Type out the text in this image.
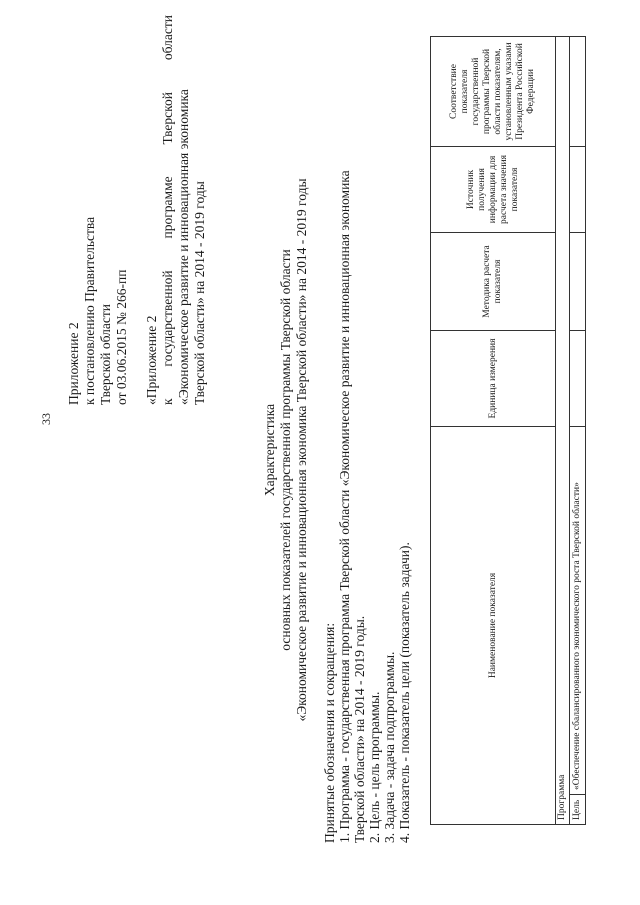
33
Приложение 2 к постановлению Правительства Тверской области от 03.06.2015 № 266-пп «Приложение 2 к
государственной
программе
Тверской
области
«Экономическое развитие и инновационная экономика Тверской области» на 2014 - 2019 годы
Характеристика основных показателей государственной программы Тверской области «Экономическое развитие и инновационная экономика Тверской области» на 2014 - 2019 годы
Принятые обозначения и сокращения: 1. Программа - государственная программа Тверской области «Экономическое развитие и инновационная экономика Тверской области» на 2014 - 2019 годы. 2. Цель - цель программы. 3. Задача - задача подпрограммы. 4. Показатель - показатель цели (показатель задачи).	Наименование показателя		Единица измерения	Методика расчета показателя	Источник получения информации для расчета значения показателя	Соответствие показателя государственной программы Тверской области показателям, установленным указами Президента Российской Федерации
Программа					
Цель	«Обеспечение сбалансированного экономического роста Тверской области»				
